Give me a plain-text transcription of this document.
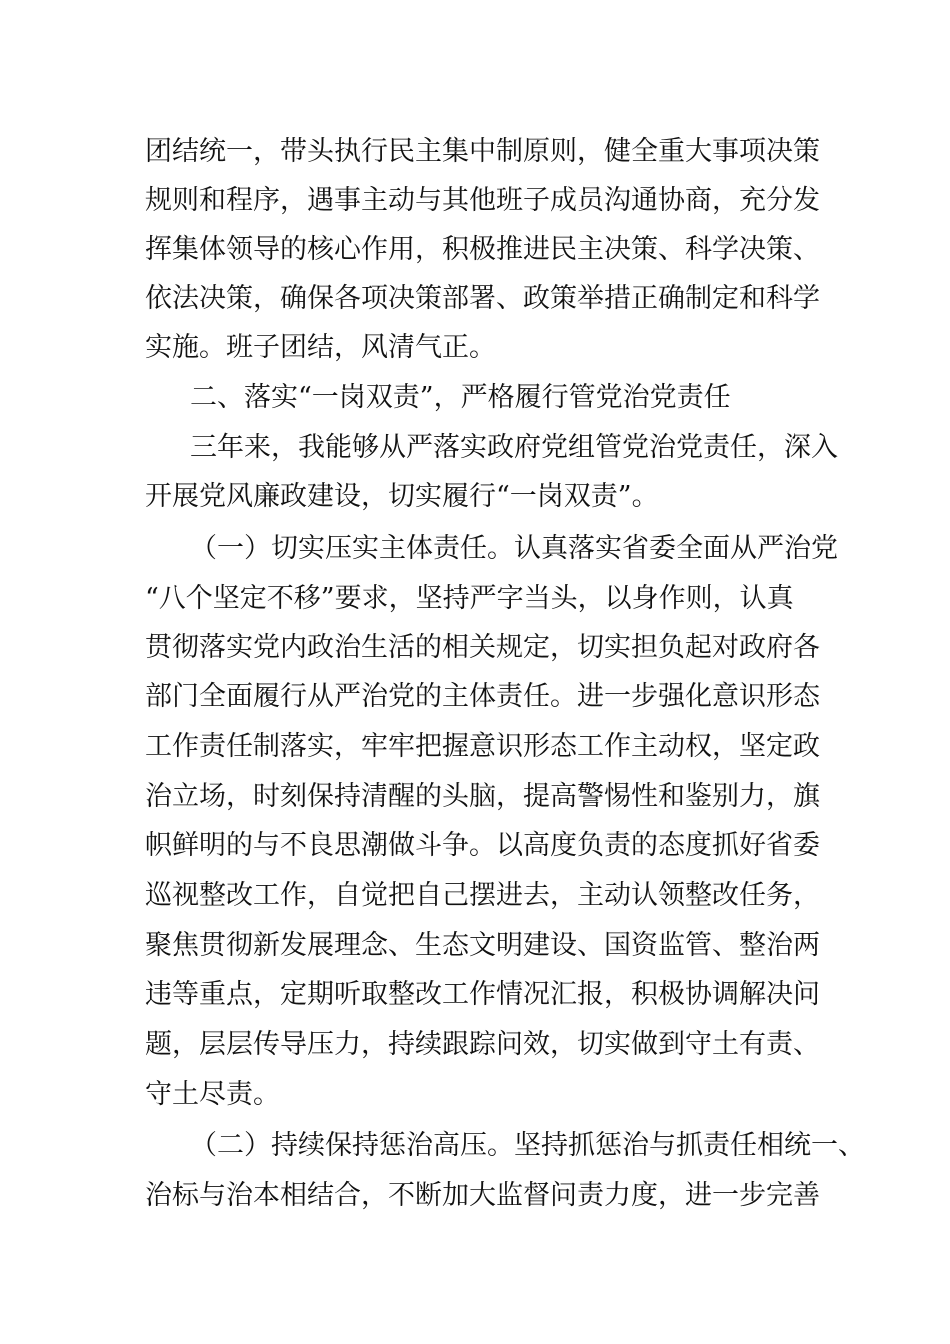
团结统一，带头执行民主集中制原则，健全重大事项决策
规则和程序，遇事主动与其他班子成员沟通协商，充分发
挥集体领导的核心作用，积极推进民主决策、科学决策、
依法决策，确保各项决策部署、政策举措正确制定和科学
实施。班子团结，风清气正。
二、落实“一岗双责”，严格履行管党治党责任
三年来，我能够从严落实政府党组管党治党责任，深入
开展党风廉政建设，切实履行“一岗双责”。
（一）切实压实主体责任。认真落实省委全面从严治党
“八个坚定不移”要求，坚持严字当头，以身作则，认真
贯彻落实党内政治生活的相关规定，切实担负起对政府各
部门全面履行从严治党的主体责任。进一步强化意识形态
工作责任制落实，牢牢把握意识形态工作主动权，坚定政
治立场，时刻保持清醒的头脑，提高警惕性和鉴别力，旗
帜鲜明的与不良思潮做斗争。以高度负责的态度抓好省委
巡视整改工作，自觉把自己摆进去，主动认领整改任务，
聚焦贯彻新发展理念、生态文明建设、国资监管、整治两
违等重点，定期听取整改工作情况汇报，积极协调解决问
题，层层传导压力，持续跟踪问效，切实做到守土有责、
守土尽责。
（二）持续保持惩治高压。坚持抓惩治与抓责任相统一、
治标与治本相结合，不断加大监督问责力度，进一步完善
